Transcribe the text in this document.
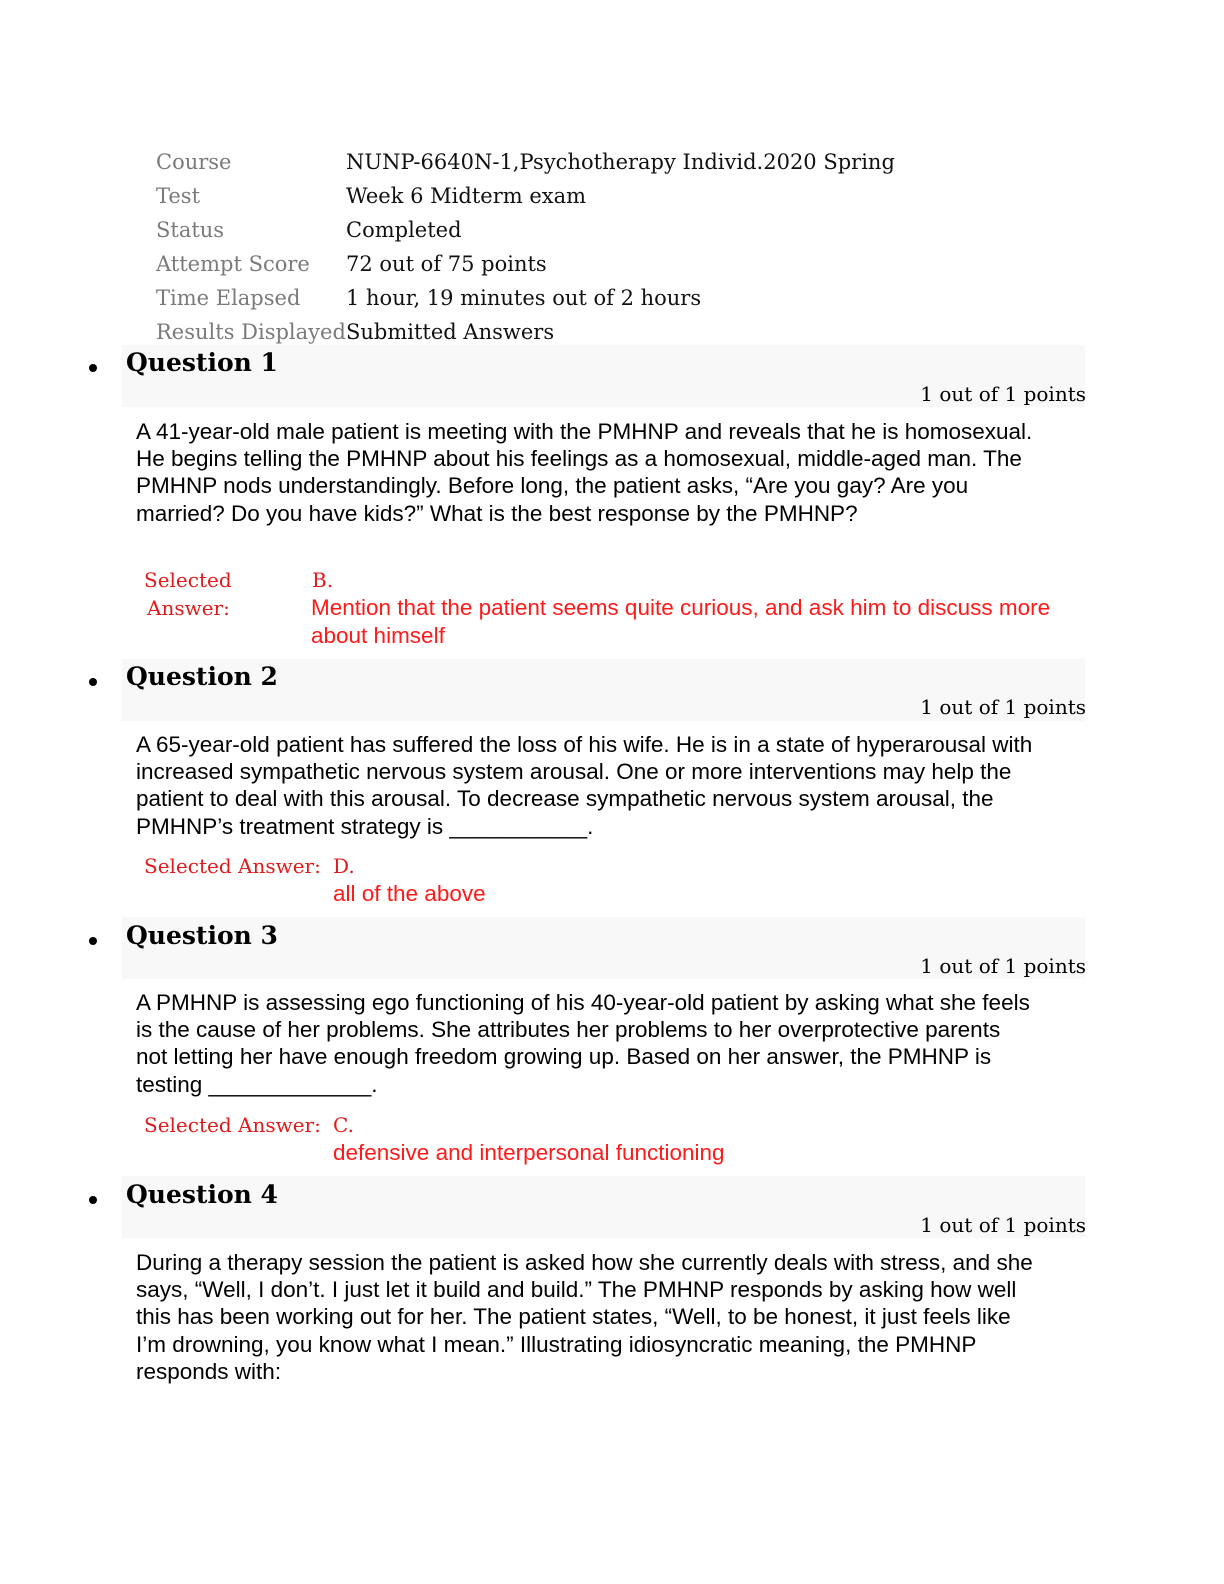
Course	NUNP-6640N-1,Psychotherapy Individ.2020 Spring
Test	Week 6 Midterm exam
Status	Completed
Attempt Score	72 out of 75 points
Time Elapsed	1 hour, 19 minutes out of 2 hours
Results Displayed	Submitted Answers
Question 1
1 out of 1 points
A 41-year-old male patient is meeting with the PMHNP and reveals that he is homosexual. He begins telling the PMHNP about his feelings as a homosexual, middle-aged man. The PMHNP nods understandingly. Before long, the patient asks, “Are you gay? Are you married? Do you have kids?” What is the best response by the PMHNP?
Selected
Answer:
B.
Mention that the patient seems quite curious, and ask him to discuss more about himself
Question 2
1 out of 1 points
A 65-year-old patient has suffered the loss of his wife. He is in a state of hyperarousal with increased sympathetic nervous system arousal. One or more interventions may help the patient to deal with this arousal. To decrease sympathetic nervous system arousal, the PMHNP’s treatment strategy is ___________.
Selected Answer: D.
all of the above
Question 3
1 out of 1 points
A PMHNP is assessing ego functioning of his 40-year-old patient by asking what she feels is the cause of her problems. She attributes her problems to her overprotective parents not letting her have enough freedom growing up. Based on her answer, the PMHNP is testing _____________.
Selected Answer: C.
defensive and interpersonal functioning
Question 4
1 out of 1 points
During a therapy session the patient is asked how she currently deals with stress, and she says, “Well, I don’t. I just let it build and build.” The PMHNP responds by asking how well this has been working out for her. The patient states, “Well, to be honest, it just feels like I’m drowning, you know what I mean.” Illustrating idiosyncratic meaning, the PMHNP responds with:
